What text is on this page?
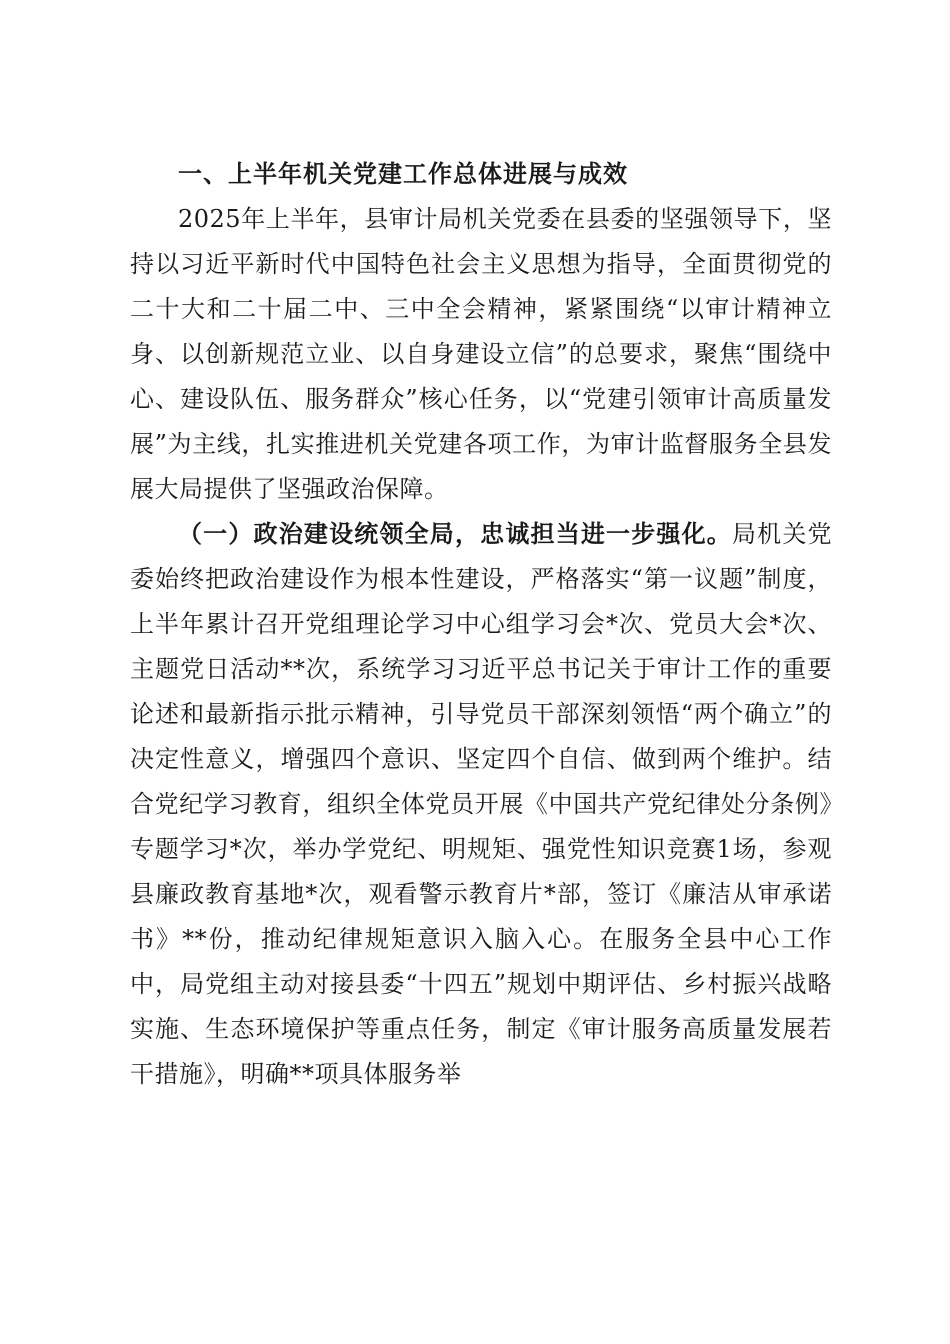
一、上半年机关党建工作总体进展与成效

2025年上半年，县审计局机关党委在县委的坚强领导下，坚持以习近平新时代中国特色社会主义思想为指导，全面贯彻党的二十大和二十届二中、三中全会精神，紧紧围绕“以审计精神立身、以创新规范立业、以自身建设立信”的总要求，聚焦“围绕中心、建设队伍、服务群众”核心任务，以“党建引领审计高质量发展”为主线，扎实推进机关党建各项工作，为审计监督服务全县发展大局提供了坚强政治保障。

（一）政治建设统领全局，忠诚担当进一步强化。局机关党委始终把政治建设作为根本性建设，严格落实“第一议题”制度，上半年累计召开党组理论学习中心组学习会*次、党员大会*次、主题党日活动**次，系统学习习近平总书记关于审计工作的重要论述和最新指示批示精神，引导党员干部深刻领悟“两个确立”的决定性意义，增强四个意识、坚定四个自信、做到两个维护。结合党纪学习教育，组织全体党员开展《中国共产党纪律处分条例》专题学习*次，举办学党纪、明规矩、强党性知识竞赛1场，参观县廉政教育基地*次，观看警示教育片*部，签订《廉洁从审承诺书》**份，推动纪律规矩意识入脑入心。在服务全县中心工作中，局党组主动对接县委“十四五”规划中期评估、乡村振兴战略实施、生态环境保护等重点任务，制定《审计服务高质量发展若干措施》，明确**项具体服务举
